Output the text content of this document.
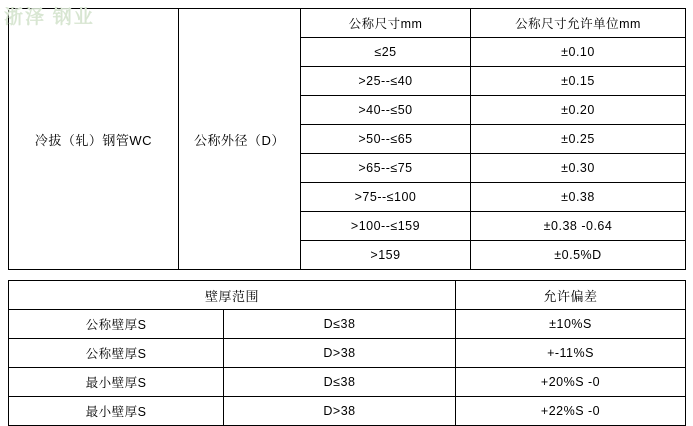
浙泽 钢业
冷拔（轧）钢管WC	公称外径（D）	公称尺寸mm	公称尺寸允许单位mm
		≤25	±0.10
		>25--≤40	±0.15
		>40--≤50	±0.20
		>50--≤65	±0.25
		>65--≤75	±0.30
		>75--≤100	±0.38
		>100--≤159	±0.38 -0.64
		>159	±0.5%D
壁厚范围		允许偏差
公称壁厚S	D≤38	±10%S
公称壁厚S	D>38	+-11%S
最小壁厚S	D≤38	+20%S -0
最小壁厚S	D>38	+22%S -0
